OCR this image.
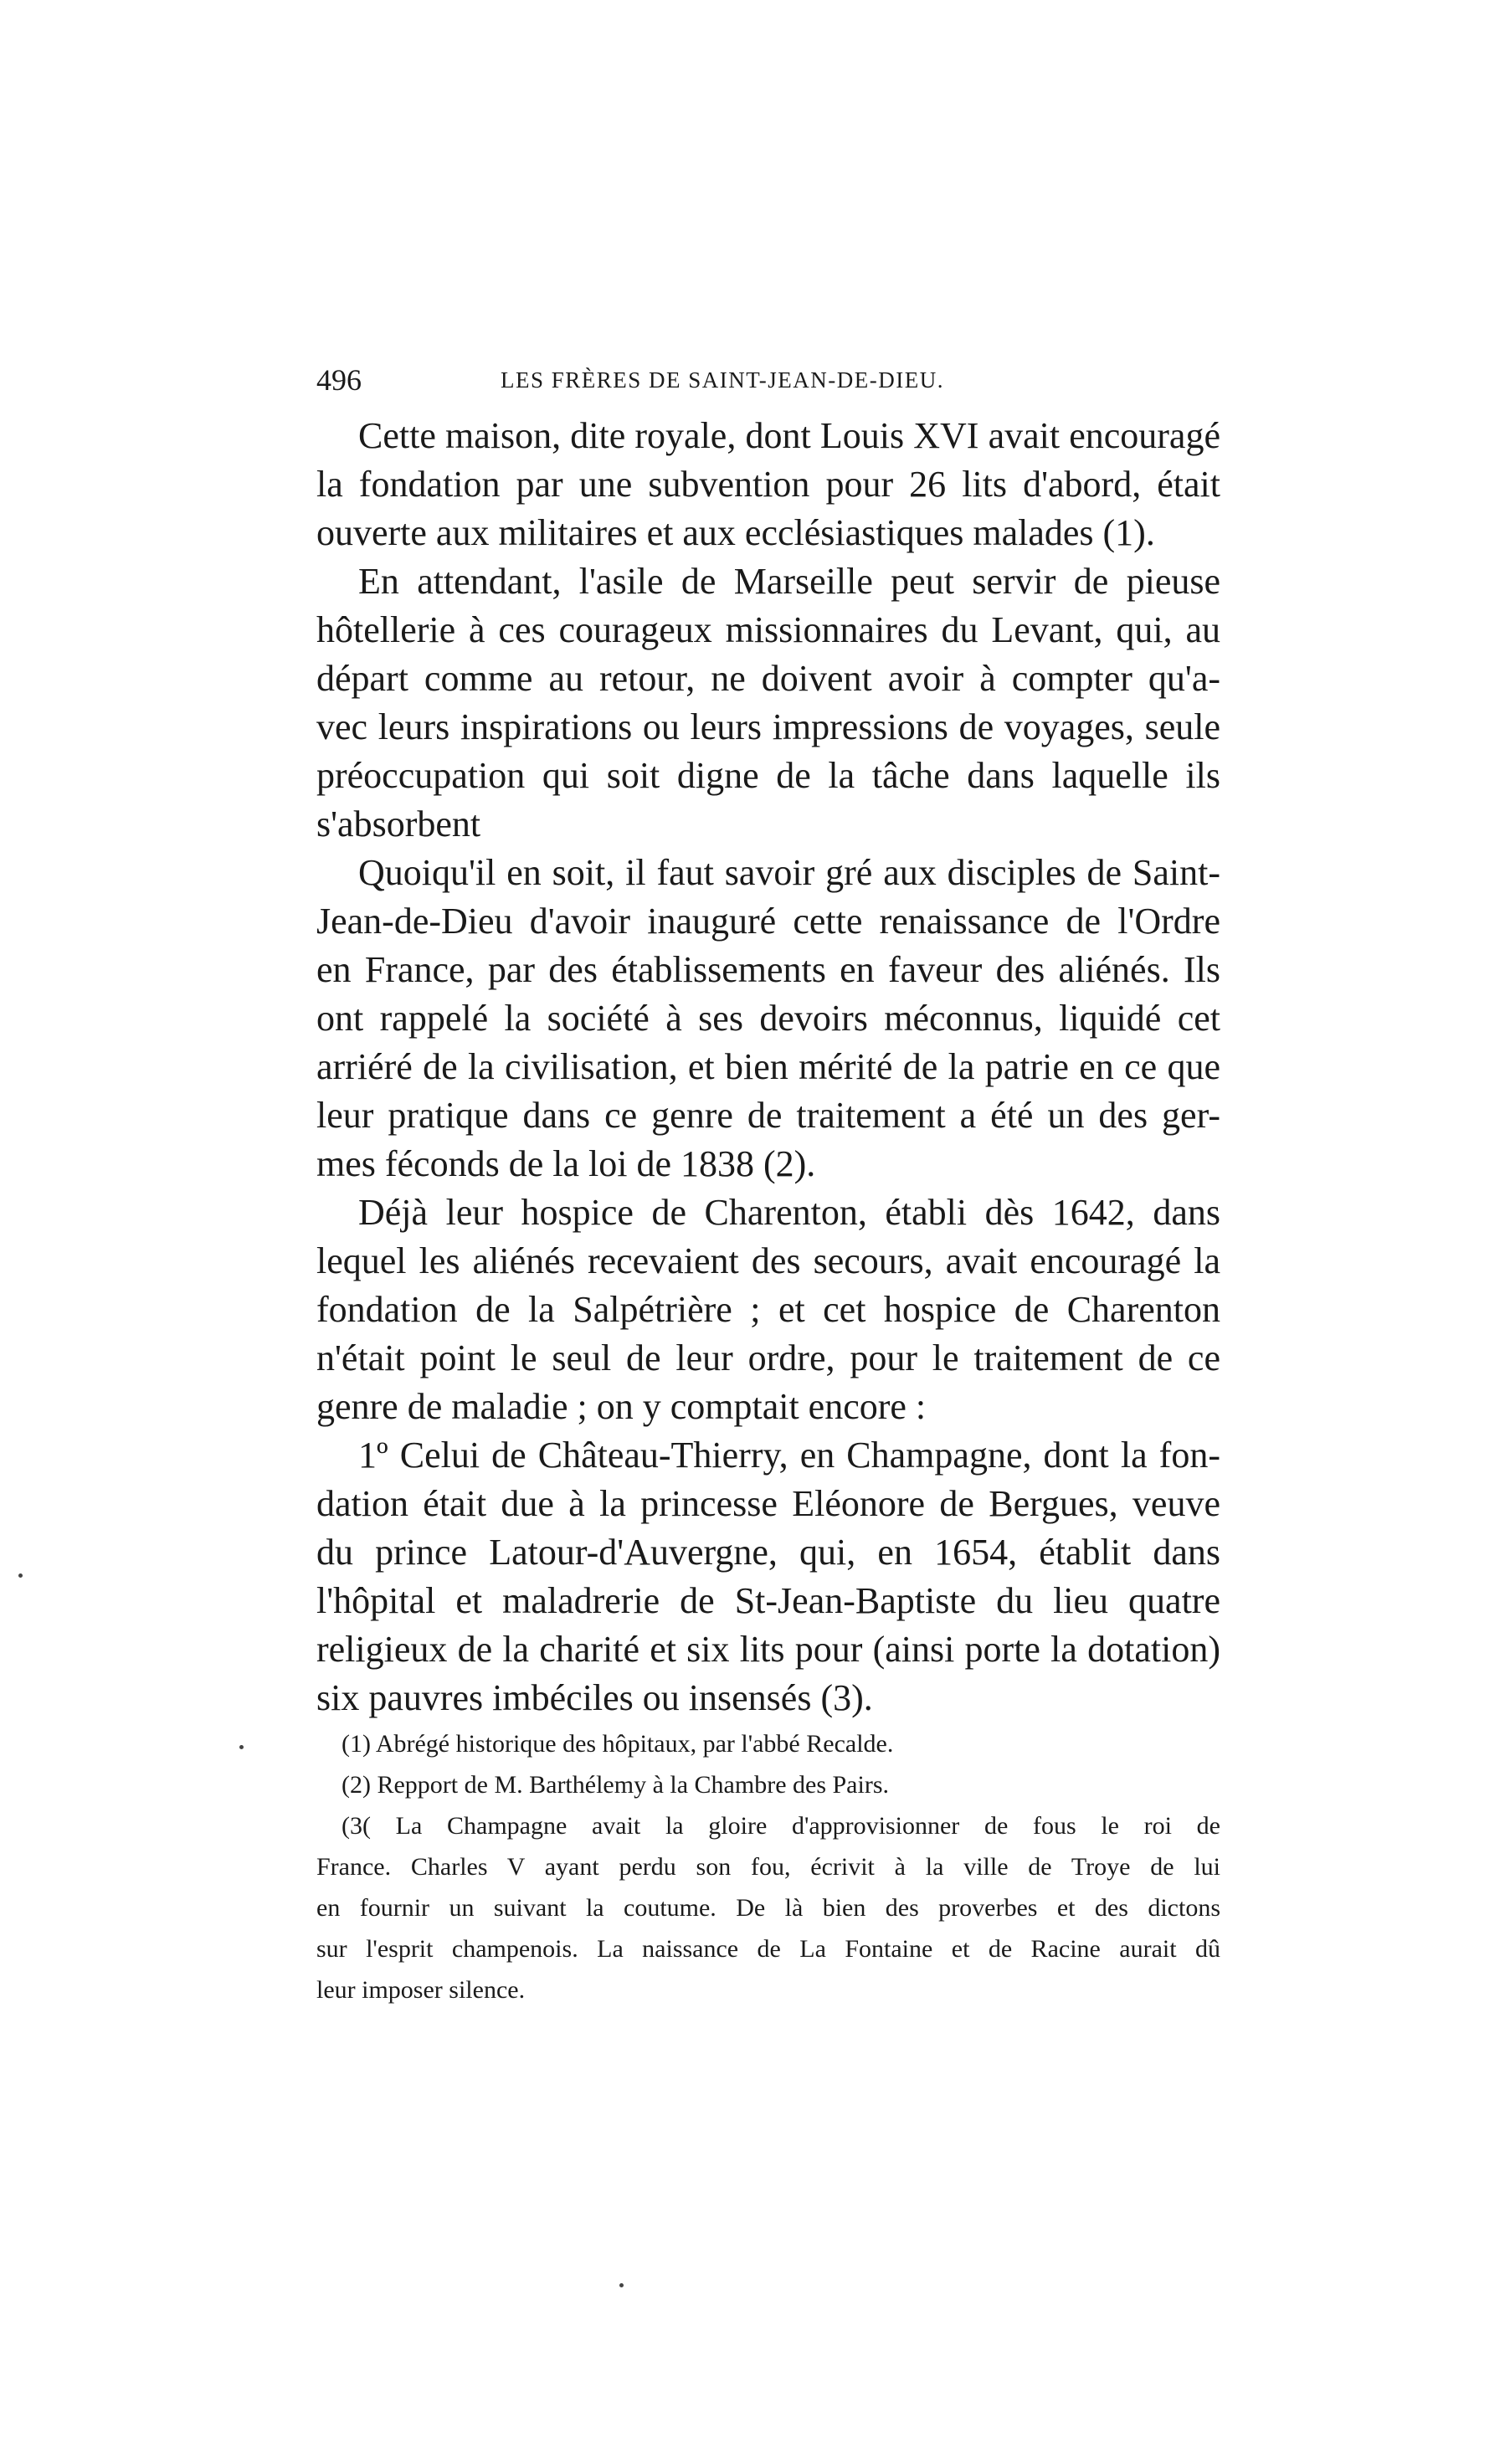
496	LES FRÈRES DE SAINT-JEAN-DE-DIEU.
Cette maison, dite royale, dont Louis XVI avait encouragé
la fondation par une subvention pour 26 lits d'abord, était
ouverte aux militaires et aux ecclésiastiques malades (1).
En attendant, l'asile de Marseille peut servir de pieuse
hôtellerie à ces courageux missionnaires du Levant, qui, au
départ comme au retour, ne doivent avoir à compter qu'a-
vec leurs inspirations ou leurs impressions de voyages, seule
préoccupation qui soit digne de la tâche dans laquelle ils
s'absorbent
Quoiqu'il en soit, il faut savoir gré aux disciples de Saint-
Jean-de-Dieu d'avoir inauguré cette renaissance de l'Ordre
en France, par des établissements en faveur des aliénés. Ils
ont rappelé la société à ses devoirs méconnus, liquidé cet
arriéré de la civilisation, et bien mérité de la patrie en ce que
leur pratique dans ce genre de traitement a été un des ger-
mes féconds de la loi de 1838 (2).
Déjà leur hospice de Charenton, établi dès 1642, dans
lequel les aliénés recevaient des secours, avait encouragé la
fondation de la Salpétrière ; et cet hospice de Charenton
n'était point le seul de leur ordre, pour le traitement de ce
genre de maladie ; on y comptait encore :
1º Celui de Château-Thierry, en Champagne, dont la fon-
dation était due à la princesse Eléonore de Bergues, veuve
du prince Latour-d'Auvergne, qui, en 1654, établit dans
l'hôpital et maladrerie de St-Jean-Baptiste du lieu quatre
religieux de la charité et six lits pour (ainsi porte la dotation)
six pauvres imbéciles ou insensés (3).
(1) Abrégé historique des hôpitaux, par l'abbé Recalde.
(2) Repport de M. Barthélemy à la Chambre des Pairs.
(3( La Champagne avait la gloire d'approvisionner de fous le roi de
France. Charles V ayant perdu son fou, écrivit à la ville de Troye de lui
en fournir un suivant la coutume. De là bien des proverbes et des dictons
sur l'esprit champenois. La naissance de La Fontaine et de Racine aurait dû
leur imposer silence.
